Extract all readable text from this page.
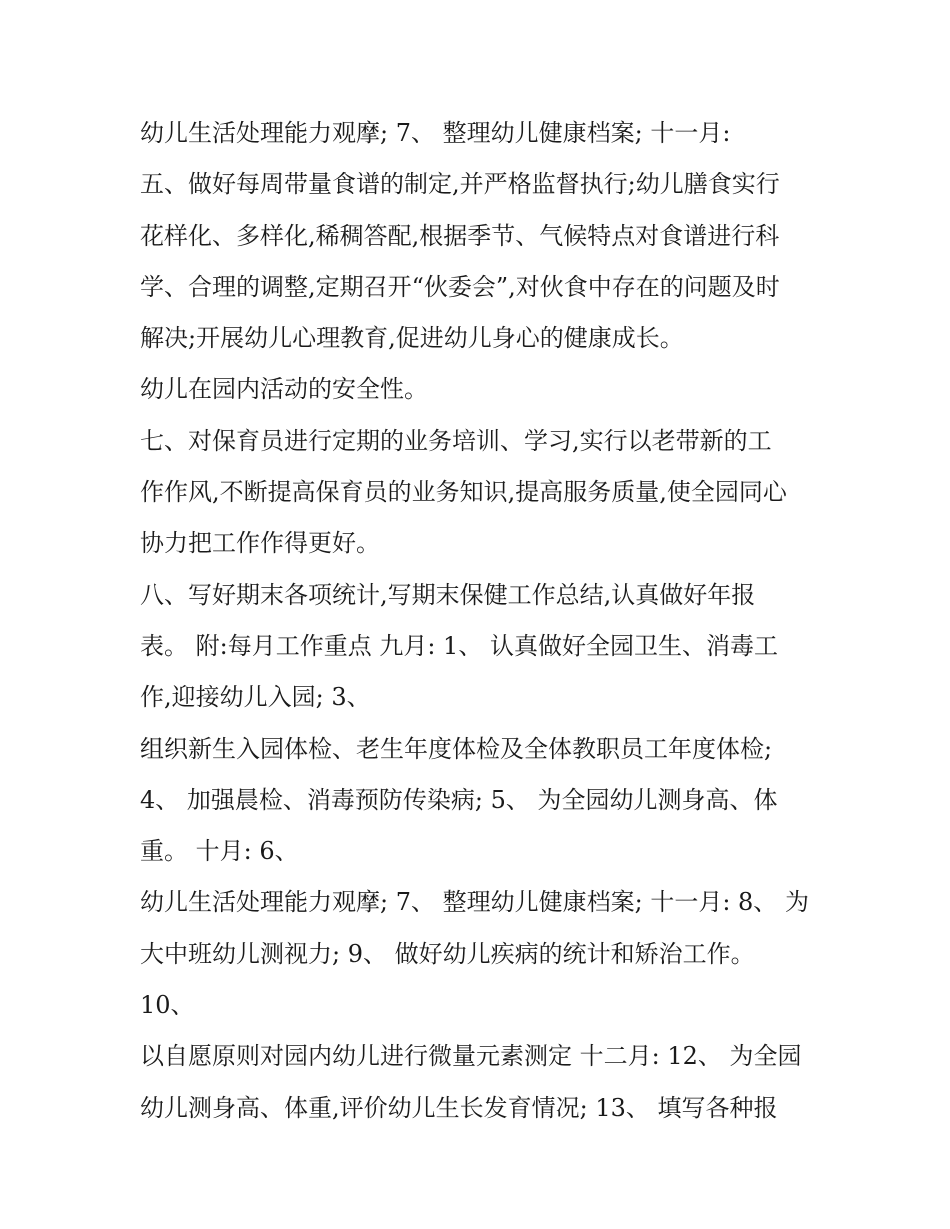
幼儿生活处理能力观摩; 7、 整理幼儿健康档案; 十一月:
五、做好每周带量食谱的制定,并严格监督执行;幼儿膳食实行
花样化、多样化,稀稠答配,根据季节、气候特点对食谱进行科
学、合理的调整,定期召开“伙委会”,对伙食中存在的问题及时
解决;开展幼儿心理教育,促进幼儿身心的健康成长。
幼儿在园内活动的安全性。
七、对保育员进行定期的业务培训、学习,实行以老带新的工
作作风,不断提高保育员的业务知识,提高服务质量,使全园同心
协力把工作作得更好。
八、写好期末各项统计,写期末保健工作总结,认真做好年报
表。 附:每月工作重点 九月: 1、 认真做好全园卫生、消毒工
作,迎接幼儿入园; 3、
组织新生入园体检、老生年度体检及全体教职员工年度体检;
4、 加强晨检、消毒预防传染病; 5、 为全园幼儿测身高、体
重。 十月: 6、
幼儿生活处理能力观摩; 7、 整理幼儿健康档案; 十一月: 8、 为
大中班幼儿测视力; 9、 做好幼儿疾病的统计和矫治工作。
10、
以自愿原则对园内幼儿进行微量元素测定 十二月: 12、 为全园
幼儿测身高、体重,评价幼儿生长发育情况; 13、 填写各种报
